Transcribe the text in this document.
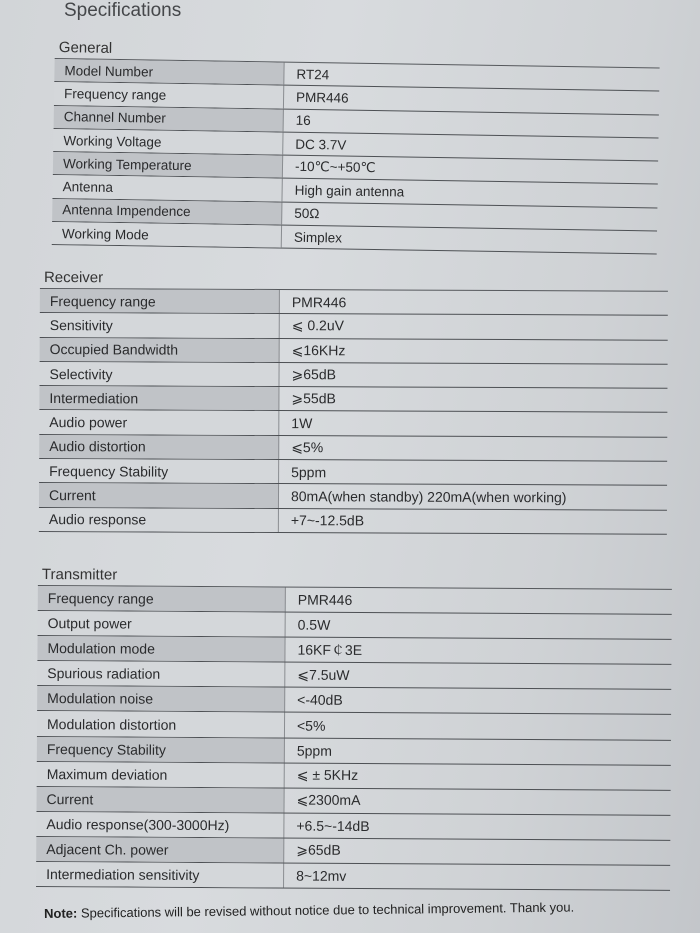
Specifications
General
Model Number	RT24
Frequency range	PMR446
Channel Number	16
Working Voltage	DC 3.7V
Working Temperature	-10℃~+50℃
Antenna	High gain antenna
Antenna Impendence	50Ω
Working Mode	Simplex
Receiver
Frequency range	PMR446
Sensitivity	⩽ 0.2uV
Occupied Bandwidth	⩽16KHz
Selectivity	⩾65dB
Intermediation	⩾55dB
Audio power	1W
Audio distortion	⩽5%
Frequency Stability	5ppm
Current	80mA(when standby) 220mA(when working)
Audio response	+7~-12.5dB
Transmitter
Frequency range	PMR446
Output power	0.5W
Modulation mode	16KF￠3E
Spurious radiation	⩽7.5uW
Modulation noise	<-40dB
Modulation distortion	<5%
Frequency Stability	5ppm
Maximum deviation	⩽ ± 5KHz
Current	⩽2300mA
Audio response(300-3000Hz)	+6.5~-14dB
Adjacent Ch. power	⩾65dB
Intermediation sensitivity	8~12mv
Note: Specifications will be revised without notice due to technical improvement. Thank you.
